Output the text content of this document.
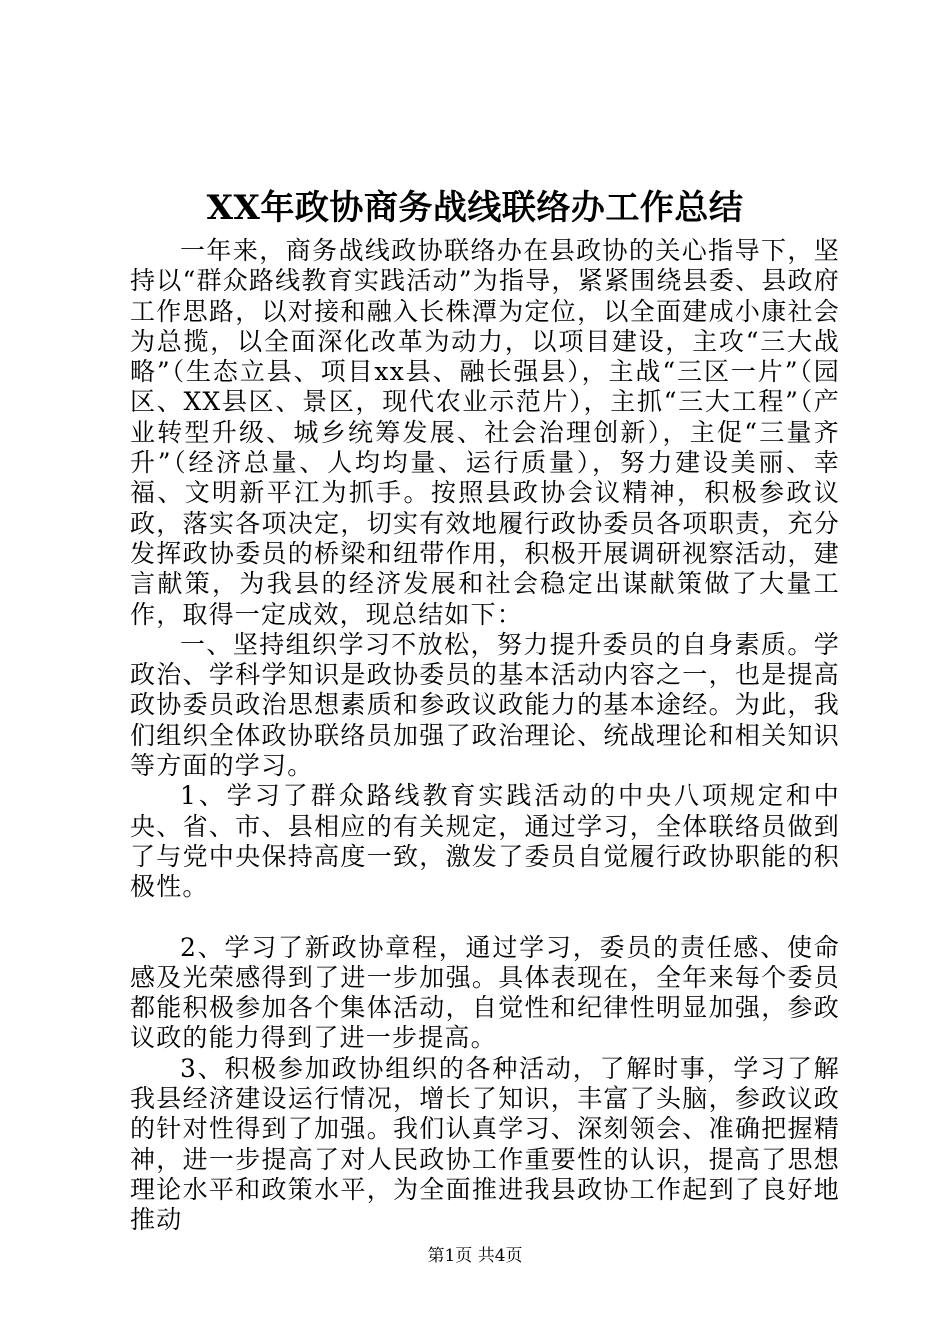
XX年政协商务战线联络办工作总结

一年来，商务战线政协联络办在县政协的关心指导下，坚持以“群众路线教育实践活动”为指导，紧紧围绕县委、县政府工作思路，以对接和融入长株潭为定位，以全面建成小康社会为总揽，以全面深化改革为动力，以项目建设，主攻“三大战略”（生态立县、项目xx县、融长强县），主战“三区一片”（园区、XX县区、景区，现代农业示范片），主抓“三大工程”（产业转型升级、城乡统筹发展、社会治理创新），主促“三量齐升”（经济总量、人均均量、运行质量），努力建设美丽、幸福、文明新平江为抓手。按照县政协会议精神，积极参政议政，落实各项决定，切实有效地履行政协委员各项职责，充分发挥政协委员的桥梁和纽带作用，积极开展调研视察活动，建言献策，为我县的经济发展和社会稳定出谋献策做了大量工作，取得一定成效，现总结如下：

一、坚持组织学习不放松，努力提升委员的自身素质。学政治、学科学知识是政协委员的基本活动内容之一，也是提高政协委员政治思想素质和参政议政能力的基本途经。为此，我们组织全体政协联络员加强了政治理论、统战理论和相关知识等方面的学习。

1、学习了群众路线教育实践活动的中央八项规定和中央、省、市、县相应的有关规定，通过学习，全体联络员做到了与党中央保持高度一致，激发了委员自觉履行政协职能的积极性。

2、学习了新政协章程，通过学习，委员的责任感、使命感及光荣感得到了进一步加强。具体表现在，全年来每个委员都能积极参加各个集体活动，自觉性和纪律性明显加强，参政议政的能力得到了进一步提高。

3、积极参加政协组织的各种活动，了解时事，学习了解我县经济建设运行情况，增长了知识，丰富了头脑，参政议政的针对性得到了加强。我们认真学习、深刻领会、准确把握精神，进一步提高了对人民政协工作重要性的认识，提高了思想理论水平和政策水平，为全面推进我县政协工作起到了良好地推动

第1页 共4页
